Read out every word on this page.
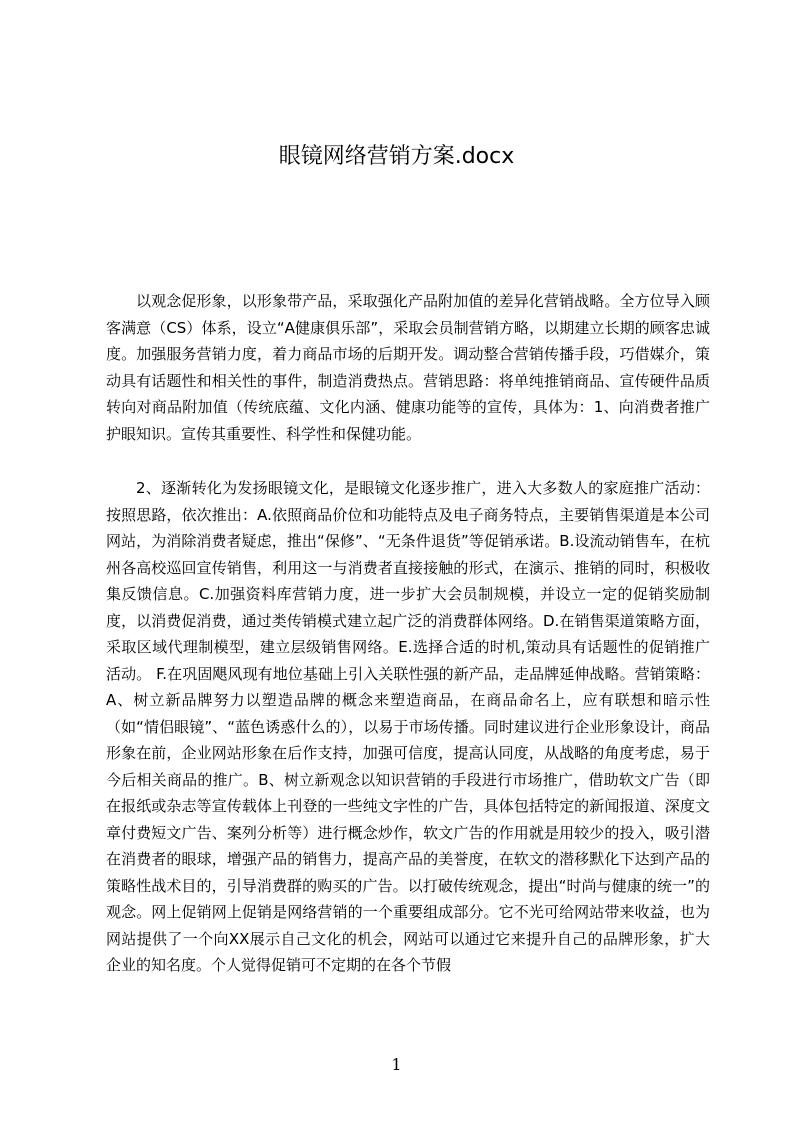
眼镜网络营销方案.docx

以观念促形象，以形象带产品，采取强化产品附加值的差异化营销战略。全方位导入顾客满意（CS）体系，设立“A健康俱乐部”，采取会员制营销方略，以期建立长期的顾客忠诚度。加强服务营销力度，着力商品市场的后期开发。调动整合营销传播手段，巧借媒介，策动具有话题性和相关性的事件，制造消费热点。营销思路：将单纯推销商品、宣传硬件品质转向对商品附加值（传统底蕴、文化内涵、健康功能等的宣传，具体为：1、向消费者推广护眼知识。宣传其重要性、科学性和保健功能。

2、逐渐转化为发扬眼镜文化，是眼镜文化逐步推广，进入大多数人的家庭推广活动：按照思路，依次推出：A.依照商品价位和功能特点及电子商务特点，主要销售渠道是本公司网站，为消除消费者疑虑，推出“保修”、“无条件退货”等促销承诺。B.设流动销售车，在杭州各高校巡回宣传销售，利用这一与消费者直接接触的形式，在演示、推销的同时，积极收集反馈信息。C.加强资料库营销力度，进一步扩大会员制规模，并设立一定的促销奖励制度，以消费促消费，通过类传销模式建立起广泛的消费群体网络。D.在销售渠道策略方面，采取区域代理制模型，建立层级销售网络。E.选择合适的时机,策动具有话题性的促销推广活动。 F.在巩固飓风现有地位基础上引入关联性强的新产品，走品牌延伸战略。营销策略：A、树立新品牌努力以塑造品牌的概念来塑造商品，在商品命名上，应有联想和暗示性（如“情侣眼镜”、“蓝色诱惑什么的），以易于市场传播。同时建议进行企业形象设计，商品形象在前，企业网站形象在后作支持，加强可信度，提高认同度，从战略的角度考虑，易于今后相关商品的推广。B、树立新观念以知识营销的手段进行市场推广，借助软文广告（即在报纸或杂志等宣传载体上刊登的一些纯文字性的广告，具体包括特定的新闻报道、深度文章付费短文广告、案列分析等）进行概念炒作，软文广告的作用就是用较少的投入，吸引潜在消费者的眼球，增强产品的销售力，提高产品的美誉度，在软文的潜移默化下达到产品的策略性战术目的，引导消费群的购买的广告。以打破传统观念，提出“时尚与健康的统一”的观念。网上促销网上促销是网络营销的一个重要组成部分。它不光可给网站带来收益，也为网站提供了一个向XX展示自己文化的机会，网站可以通过它来提升自己的品牌形象，扩大企业的知名度。个人觉得促销可不定期的在各个节假

1
